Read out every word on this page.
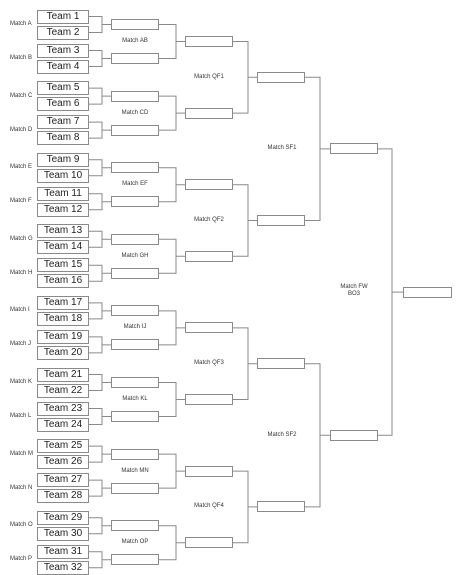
Team 1
Team 2
Team 3
Team 4
Team 5
Team 6
Team 7
Team 8
Team 9
Team 10
Team 11
Team 12
Team 13
Team 14
Team 15
Team 16
Team 17
Team 18
Team 19
Team 20
Team 21
Team 22
Team 23
Team 24
Team 25
Team 26
Team 27
Team 28
Team 29
Team 30
Team 31
Team 32
Match A
Match B
Match C
Match D
Match E
Match F
Match G
Match H
Match I
Match J
Match K
Match L
Match M
Match N
Match O
Match P
Match AB
Match CD
Match EF
Match GH
Match IJ
Match KL
Match MN
Match OP
Match QF1
Match QF2
Match QF3
Match QF4
Match SF1
Match SF2
Match FW
BO3
